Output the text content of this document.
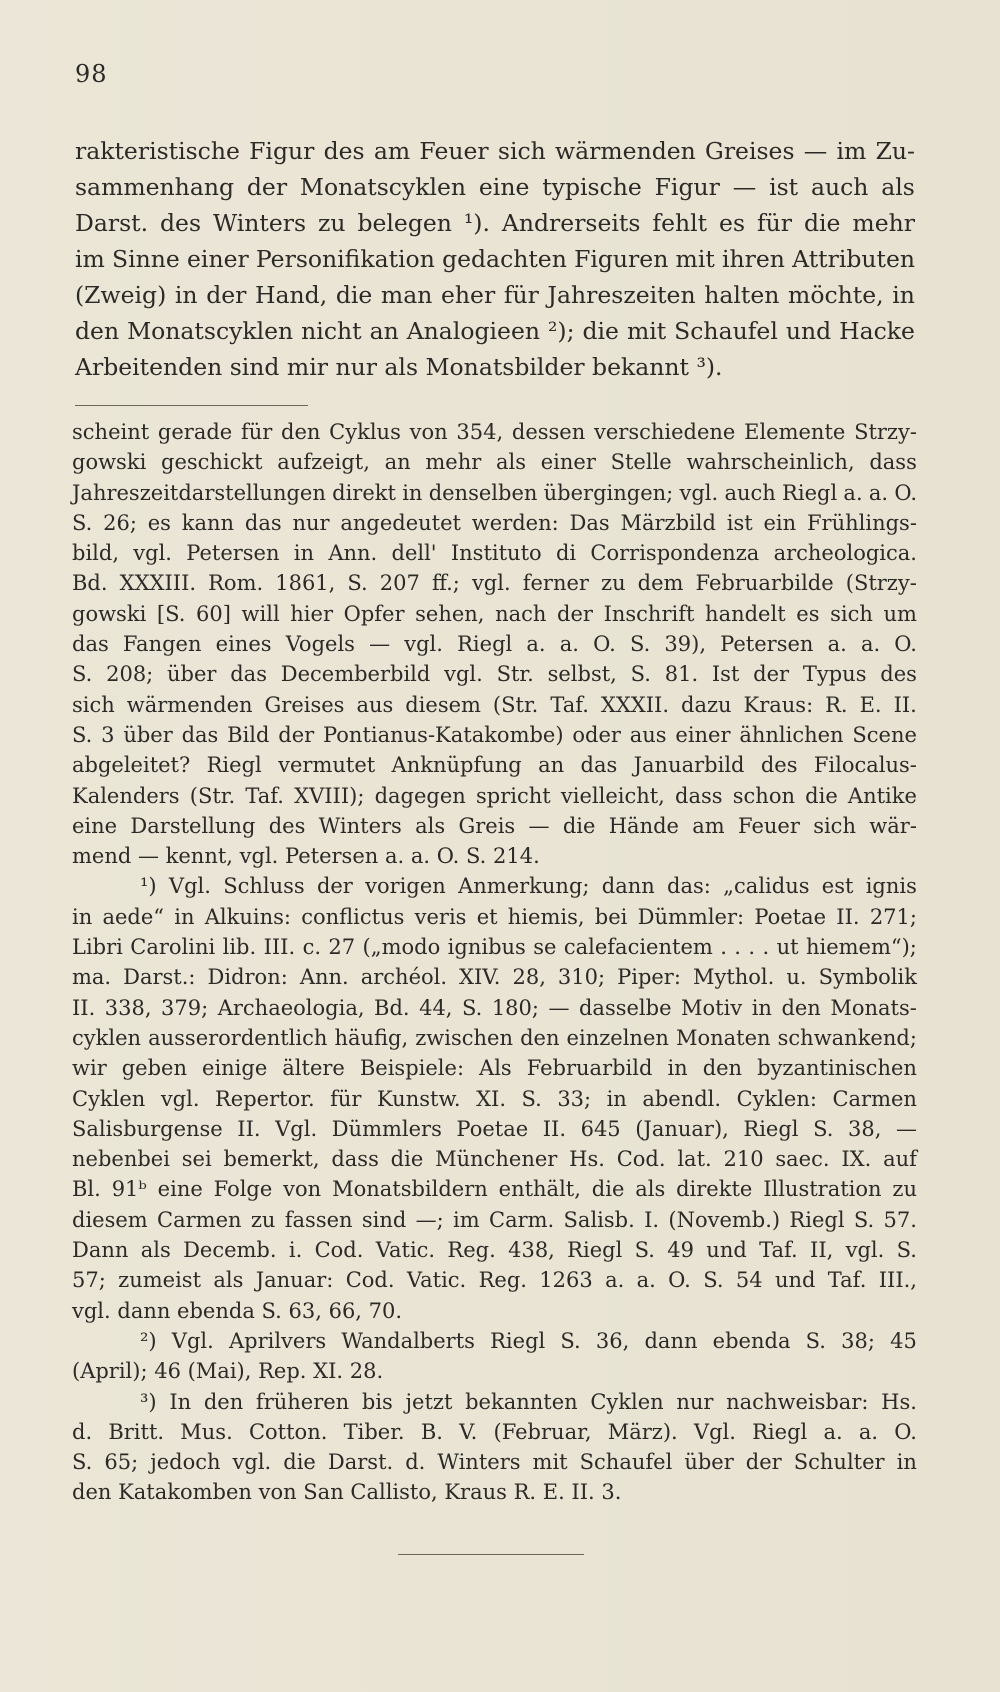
98
rakteristische Figur des am Feuer sich wärmenden Greises — im Zu-
sammenhang der Monatscyklen eine typische Figur — ist auch als
Darst. des Winters zu belegen ¹). Andrerseits fehlt es für die mehr
im Sinne einer Personifikation gedachten Figuren mit ihren Attributen
(Zweig) in der Hand, die man eher für Jahreszeiten halten möchte, in
den Monatscyklen nicht an Analogieen ²); die mit Schaufel und Hacke
Arbeitenden sind mir nur als Monatsbilder bekannt ³).
scheint gerade für den Cyklus von 354, dessen verschiedene Elemente Strzy-
gowski geschickt aufzeigt, an mehr als einer Stelle wahrscheinlich, dass
Jahreszeitdarstellungen direkt in denselben übergingen; vgl. auch Riegl a. a. O.
S. 26; es kann das nur angedeutet werden: Das Märzbild ist ein Frühlings-
bild, vgl. Petersen in Ann. dell' Instituto di Corrispondenza archeologica.
Bd. XXXIII. Rom. 1861, S. 207 ff.; vgl. ferner zu dem Februarbilde (Strzy-
gowski [S. 60] will hier Opfer sehen, nach der Inschrift handelt es sich um
das Fangen eines Vogels — vgl. Riegl a. a. O. S. 39), Petersen a. a. O.
S. 208; über das Decemberbild vgl. Str. selbst, S. 81. Ist der Typus des
sich wärmenden Greises aus diesem (Str. Taf. XXXII. dazu Kraus: R. E. II.
S. 3 über das Bild der Pontianus-Katakombe) oder aus einer ähnlichen Scene
abgeleitet? Riegl vermutet Anknüpfung an das Januarbild des Filocalus-
Kalenders (Str. Taf. XVIII); dagegen spricht vielleicht, dass schon die Antike
eine Darstellung des Winters als Greis — die Hände am Feuer sich wär-
mend — kennt, vgl. Petersen a. a. O. S. 214.
¹) Vgl. Schluss der vorigen Anmerkung; dann das: „calidus est ignis
in aede“ in Alkuins: conflictus veris et hiemis, bei Dümmler: Poetae II. 271;
Libri Carolini lib. III. c. 27 („modo ignibus se calefacientem . . . . ut hiemem“);
ma. Darst.: Didron: Ann. archéol. XIV. 28, 310; Piper: Mythol. u. Symbolik
II. 338, 379; Archaeologia, Bd. 44, S. 180; — dasselbe Motiv in den Monats-
cyklen ausserordentlich häufig, zwischen den einzelnen Monaten schwankend;
wir geben einige ältere Beispiele: Als Februarbild in den byzantinischen
Cyklen vgl. Repertor. für Kunstw. XI. S. 33; in abendl. Cyklen: Carmen
Salisburgense II. Vgl. Dümmlers Poetae II. 645 (Januar), Riegl S. 38, —
nebenbei sei bemerkt, dass die Münchener Hs. Cod. lat. 210 saec. IX. auf
Bl. 91ᵇ eine Folge von Monatsbildern enthält, die als direkte Illustration zu
diesem Carmen zu fassen sind —; im Carm. Salisb. I. (Novemb.) Riegl S. 57.
Dann als Decemb. i. Cod. Vatic. Reg. 438, Riegl S. 49 und Taf. II, vgl. S.
57; zumeist als Januar: Cod. Vatic. Reg. 1263 a. a. O. S. 54 und Taf. III.,
vgl. dann ebenda S. 63, 66, 70.
²) Vgl. Aprilvers Wandalberts Riegl S. 36, dann ebenda S. 38; 45
(April); 46 (Mai), Rep. XI. 28.
³) In den früheren bis jetzt bekannten Cyklen nur nachweisbar: Hs.
d. Britt. Mus. Cotton. Tiber. B. V. (Februar, März). Vgl. Riegl a. a. O.
S. 65; jedoch vgl. die Darst. d. Winters mit Schaufel über der Schulter in
den Katakomben von San Callisto, Kraus R. E. II. 3.
